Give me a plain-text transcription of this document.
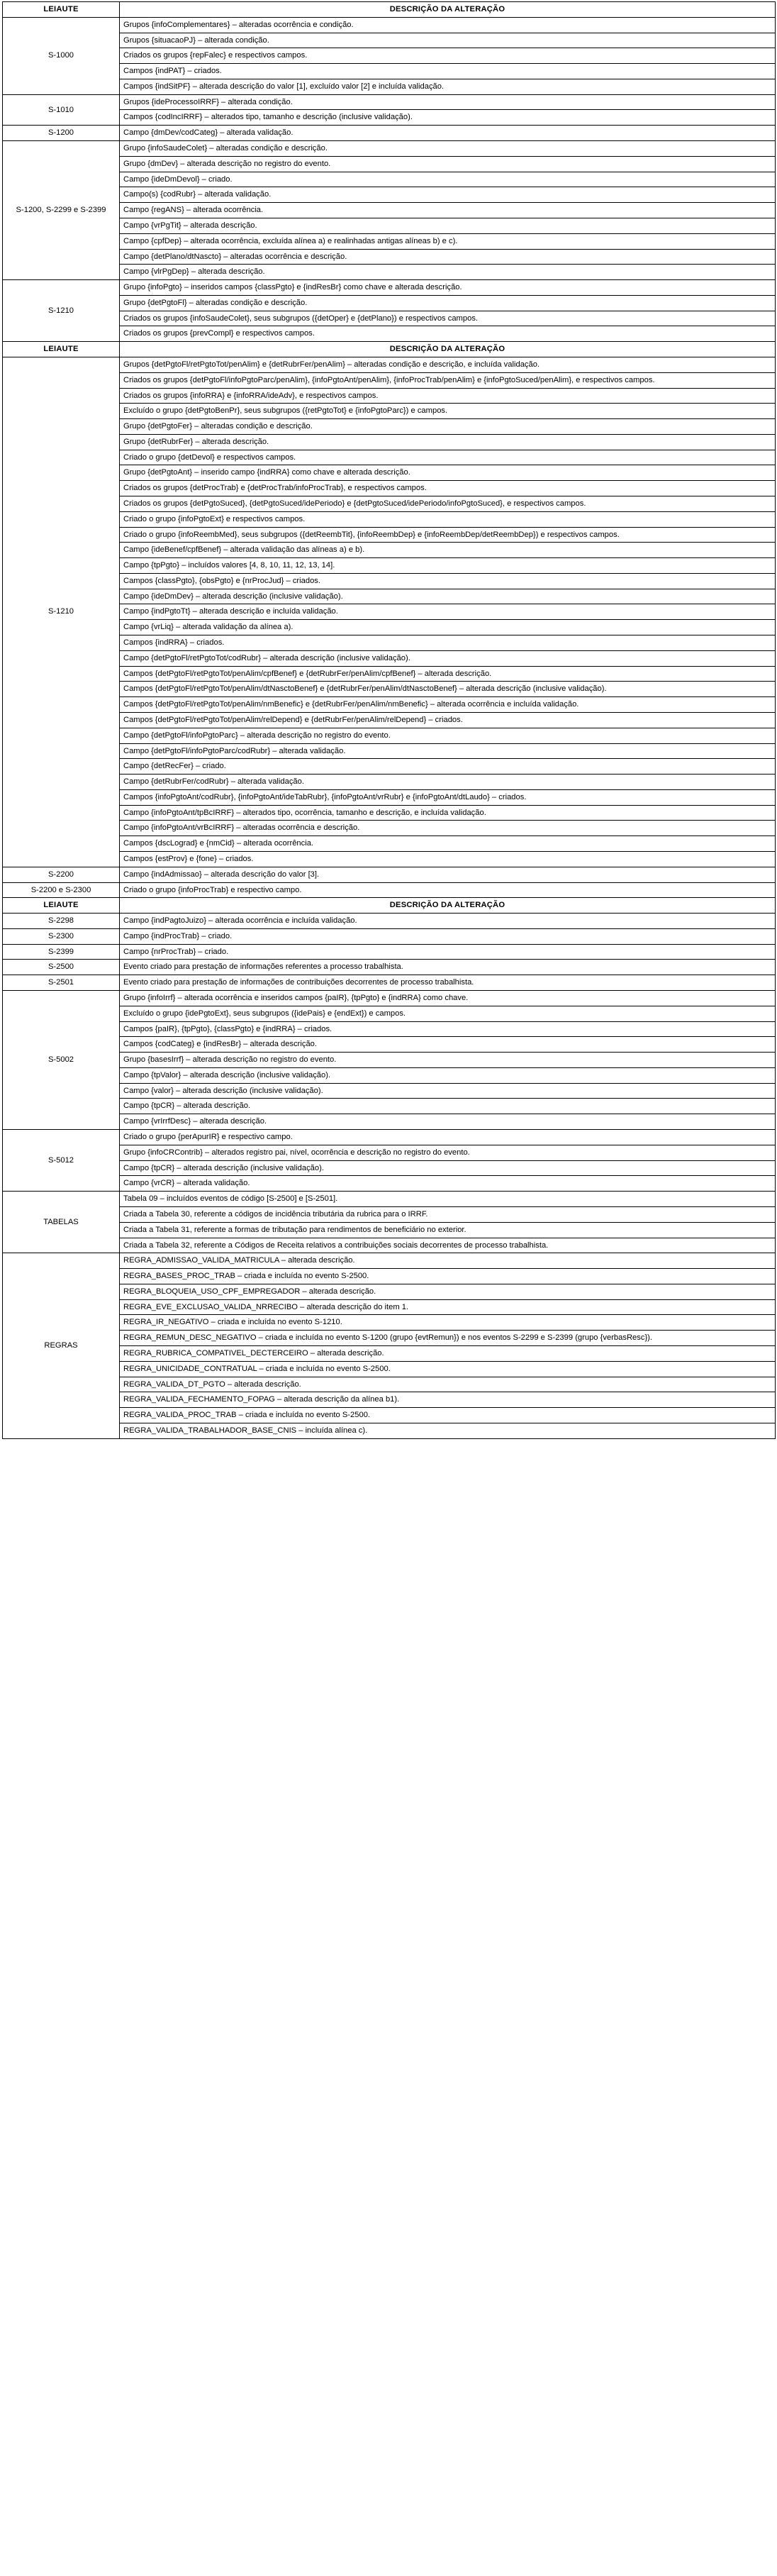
LEIAUTE	DESCRIÇÃO DA ALTERAÇÃO
S-1000	Grupos {infoComplementares} – alteradas ocorrência e condição.
	Grupos {situacaoPJ} – alterada condição.
	Criados os grupos {repFalec} e respectivos campos.
	Campos {indPAT} – criados.
	Campos {indSitPF} – alterada descrição do valor [1], excluído valor [2] e incluída validação.
S-1010	Grupos {ideProcessoIRRF} – alterada condição.
	Campos {codIncIRRF} – alterados tipo, tamanho e descrição (inclusive validação).
S-1200	Campo {dmDev/codCateg} – alterada validação.
S-1200, S-2299 e S-2399	Grupo {infoSaudeColet} – alteradas condição e descrição.
	Grupo {dmDev} – alterada descrição no registro do evento.
	Campo {ideDmDevol} – criado.
	Campo(s) {codRubr} – alterada validação.
	Campo {regANS} – alterada ocorrência.
	Campo {vrPgTit} – alterada descrição.
	Campo {cpfDep} – alterada ocorrência, excluída alínea a) e realinhadas antigas alíneas b) e c).
	Campo {detPlano/dtNascto} – alteradas ocorrência e descrição.
	Campo {vlrPgDep} – alterada descrição.
S-1210	Grupo {infoPgto} – inseridos campos {classPgto} e {indResBr} como chave e alterada descrição.
	Grupo {detPgtoFl} – alteradas condição e descrição.
	Criados os grupos {infoSaudeColet}, seus subgrupos ({detOper} e {detPlano}) e respectivos campos.
	Criados os grupos {prevCompl} e respectivos campos.
LEIAUTE	DESCRIÇÃO DA ALTERAÇÃO
S-1210	Grupos {detPgtoFl/retPgtoTot/penAlim} e {detRubrFer/penAlim} – alteradas condição e descrição, e incluída validação.
	Criados os grupos {detPgtoFl/infoPgtoParc/penAlim}, {infoPgtoAnt/penAlim}, {infoProcTrab/penAlim} e {infoPgtoSuced/penAlim}, e respectivos campos.
	Criados os grupos {infoRRA} e {infoRRA/ideAdv}, e respectivos campos.
	Excluído o grupo {detPgtoBenPr}, seus subgrupos ({retPgtoTot} e {infoPgtoParc}) e campos.
	Grupo {detPgtoFer} – alteradas condição e descrição.
	Grupo {detRubrFer} – alterada descrição.
	Criado o grupo {detDevol} e respectivos campos.
	Grupo {detPgtoAnt} – inserido campo {indRRA} como chave e alterada descrição.
	Criados os grupos {detProcTrab} e {detProcTrab/infoProcTrab}, e respectivos campos.
	Criados os grupos {detPgtoSuced}, {detPgtoSuced/idePeriodo} e {detPgtoSuced/idePeriodo/infoPgtoSuced}, e respectivos campos.
	Criado o grupo {infoPgtoExt} e respectivos campos.
	Criado o grupo {infoReembMed}, seus subgrupos ({detReembTit}, {infoReembDep} e {infoReembDep/detReembDep}) e respectivos campos.
	Campo {ideBenef/cpfBenef} – alterada validação das alíneas a) e b).
	Campo {tpPgto} – incluídos valores [4, 8, 10, 11, 12, 13, 14].
	Campos {classPgto}, {obsPgto} e {nrProcJud} – criados.
	Campo {ideDmDev} – alterada descrição (inclusive validação).
	Campo {indPgtoTt} – alterada descrição e incluída validação.
	Campo {vrLiq} – alterada validação da alínea a).
	Campos {indRRA} – criados.
	Campo {detPgtoFl/retPgtoTot/codRubr} – alterada descrição (inclusive validação).
	Campos {detPgtoFl/retPgtoTot/penAlim/cpfBenef} e {detRubrFer/penAlim/cpfBenef} – alterada descrição.
	Campos {detPgtoFl/retPgtoTot/penAlim/dtNasctoBenef} e {detRubrFer/penAlim/dtNasctoBenef} – alterada descrição (inclusive validação).
	Campos {detPgtoFl/retPgtoTot/penAlim/nmBenefic} e {detRubrFer/penAlim/nmBenefic} – alterada ocorrência e incluída validação.
	Campos {detPgtoFl/retPgtoTot/penAlim/relDepend} e {detRubrFer/penAlim/relDepend} – criados.
	Campo {detPgtoFl/infoPgtoParc} – alterada descrição no registro do evento.
	Campo {detPgtoFl/infoPgtoParc/codRubr} – alterada validação.
	Campo {detRecFer} – criado.
	Campo {detRubrFer/codRubr} – alterada validação.
	Campos {infoPgtoAnt/codRubr}, {infoPgtoAnt/ideTabRubr}, {infoPgtoAnt/vrRubr} e {infoPgtoAnt/dtLaudo} – criados.
	Campo {infoPgtoAnt/tpBcIRRF} – alterados tipo, ocorrência, tamanho e descrição, e incluída validação.
	Campo {infoPgtoAnt/vrBcIRRF} – alteradas ocorrência e descrição.
	Campos {dscLograd} e {nmCid} – alterada ocorrência.
	Campos {estProv} e {fone} – criados.
S-2200	Campo {indAdmissao} – alterada descrição do valor [3].
S-2200 e S-2300	Criado o grupo {infoProcTrab} e respectivo campo.
LEIAUTE	DESCRIÇÃO DA ALTERAÇÃO
S-2298	Campo {indPagtoJuizo} – alterada ocorrência e incluída validação.
S-2300	Campo {indProcTrab} – criado.
S-2399	Campo {nrProcTrab} – criado.
S-2500	Evento criado para prestação de informações referentes a processo trabalhista.
S-2501	Evento criado para prestação de informações de contribuições decorrentes de processo trabalhista.
S-5002	Grupo {infoIrrf} – alterada ocorrência e inseridos campos {paIR}, {tpPgto} e {indRRA} como chave.
	Excluído o grupo {idePgtoExt}, seus subgrupos ({idePais} e {endExt}) e campos.
	Campos {paIR}, {tpPgto}, {classPgto} e {indRRA} – criados.
	Campos {codCateg} e {indResBr} – alterada descrição.
	Grupo {basesIrrf} – alterada descrição no registro do evento.
	Campo {tpValor} – alterada descrição (inclusive validação).
	Campo {valor} – alterada descrição (inclusive validação).
	Campo {tpCR} – alterada descrição.
	Campo {vrIrrfDesc} – alterada descrição.
S-5012	Criado o grupo {perApurIR} e respectivo campo.
	Grupo {infoCRContrib} – alterados registro pai, nível, ocorrência e descrição no registro do evento.
	Campo {tpCR} – alterada descrição (inclusive validação).
	Campo {vrCR} – alterada validação.
TABELAS	Tabela 09 – incluídos eventos de código [S-2500] e [S-2501].
	Criada a Tabela 30, referente a códigos de incidência tributária da rubrica para o IRRF.
	Criada a Tabela 31, referente a formas de tributação para rendimentos de beneficiário no exterior.
	Criada a Tabela 32, referente a Códigos de Receita relativos a contribuições sociais decorrentes de processo trabalhista.
REGRAS	REGRA_ADMISSAO_VALIDA_MATRICULA – alterada descrição.
	REGRA_BASES_PROC_TRAB – criada e incluída no evento S-2500.
	REGRA_BLOQUEIA_USO_CPF_EMPREGADOR – alterada descrição.
	REGRA_EVE_EXCLUSAO_VALIDA_NRRECIBO – alterada descrição do item 1.
	REGRA_IR_NEGATIVO – criada e incluída no evento S-1210.
	REGRA_REMUN_DESC_NEGATIVO – criada e incluída no evento S-1200 (grupo {evtRemun}) e nos eventos S-2299 e S-2399 (grupo {verbasResc}).
	REGRA_RUBRICA_COMPATIVEL_DECTERCEIRO – alterada descrição.
	REGRA_UNICIDADE_CONTRATUAL – criada e incluída no evento S-2500.
	REGRA_VALIDA_DT_PGTO – alterada descrição.
	REGRA_VALIDA_FECHAMENTO_FOPAG – alterada descrição da alínea b1).
	REGRA_VALIDA_PROC_TRAB – criada e incluída no evento S-2500.
	REGRA_VALIDA_TRABALHADOR_BASE_CNIS – incluída alínea c).
